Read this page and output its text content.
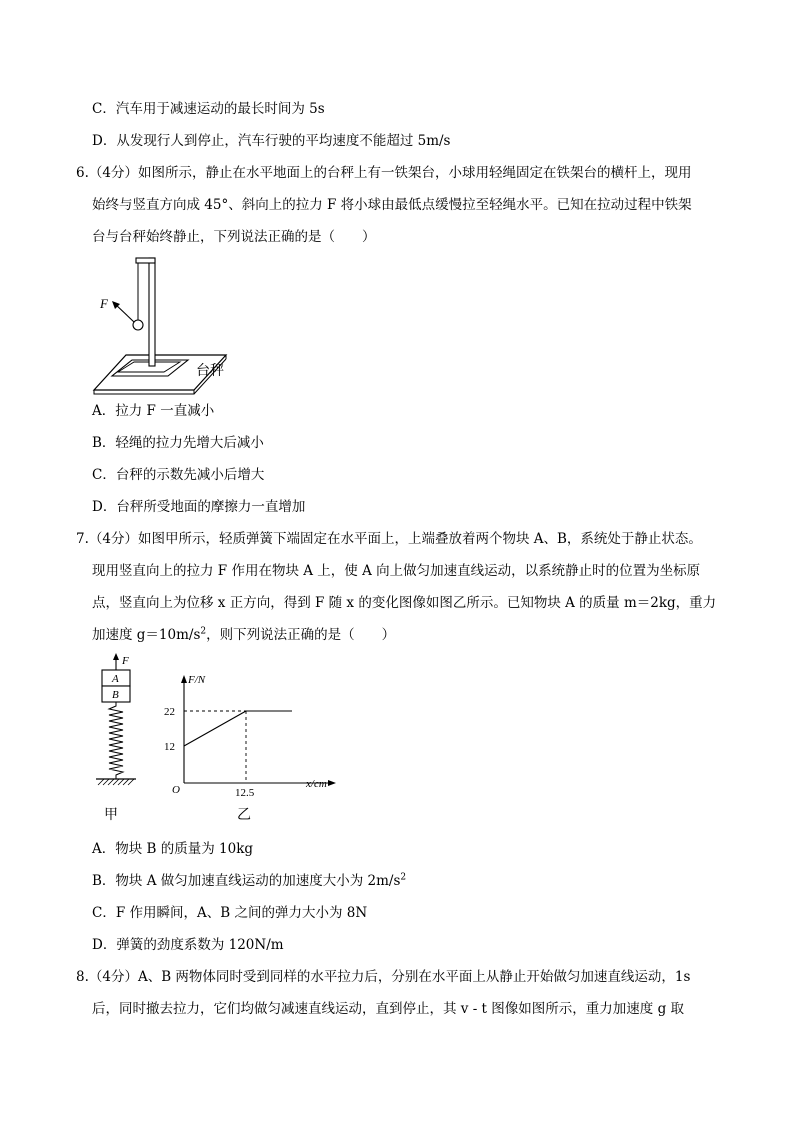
C．汽车用于减速运动的最长时间为 5s
D．从发现行人到停止，汽车行驶的平均速度不能超过 5m/s
6.（4分）如图所示，静止在水平地面上的台秤上有一铁架台，小球用轻绳固定在铁架台的横杆上，现用
始终与竖直方向成 45°、斜向上的拉力 F 将小球由最低点缓慢拉至轻绳水平。已知在拉动过程中铁架
台与台秤始终静止，下列说法正确的是（　　）
F
台秤
A．拉力 F 一直减小
B．轻绳的拉力先增大后减小
C．台秤的示数先减小后增大
D．台秤所受地面的摩擦力一直增加
7.（4分）如图甲所示，轻质弹簧下端固定在水平面上，上端叠放着两个物块 A、B，系统处于静止状态。
现用竖直向上的拉力 F 作用在物块 A 上，使 A 向上做匀加速直线运动，以系统静止时的位置为坐标原
点，竖直向上为位移 x 正方向，得到 F 随 x 的变化图像如图乙所示。已知物块 A 的质量 m＝2kg，重力
加速度 $g=10m/s^2$，则下列说法正确的是（　　）
F
A
B
甲
F/N
x/cm
O
22
12
12.5
乙
A．物块 B 的质量为 10kg
B．物块 A 做匀加速直线运动的加速度大小为 $2m/s^2$
C．F 作用瞬间，A、B 之间的弹力大小为 8N
D．弹簧的劲度系数为 120N/m
8.（4分）A、B 两物体同时受到同样的水平拉力后，分别在水平面上从静止开始做匀加速直线运动，1s
后，同时撤去拉力，它们均做匀减速直线运动，直到停止，其 v - t 图像如图所示，重力加速度 g 取
